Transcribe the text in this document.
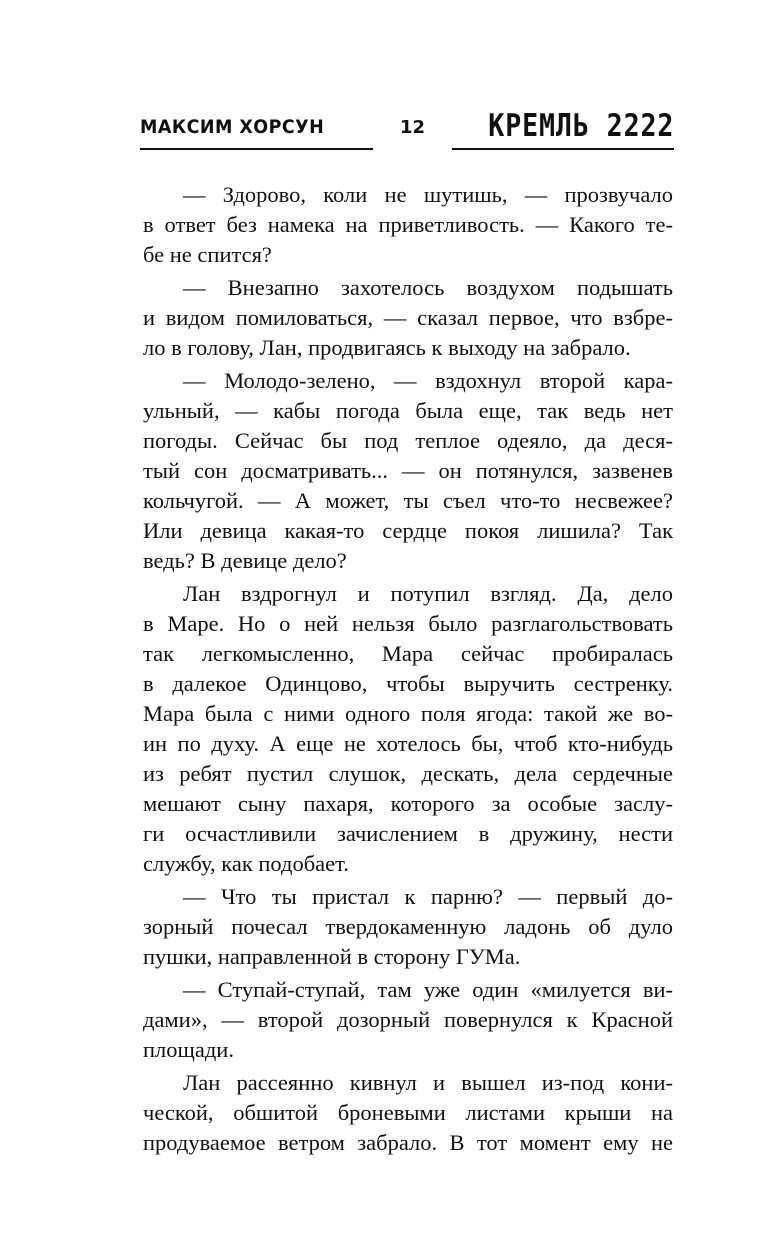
МАКСИМ ХОРСУН	12 КРЕМЛЬ 2222
— Здорово, коли не шутишь, — прозвучало
в ответ без намека на приветливость. — Какого те-
бе не спится?
— Внезапно захотелось воздухом подышать
и видом помиловаться, — сказал первое, что взбре-
ло в голову, Лан, продвигаясь к выходу на забрало.
— Молодо-зелено, — вздохнул второй кара-
ульный, — кабы погода была еще, так ведь нет
погоды. Сейчас бы под теплое одеяло, да деся-
тый сон досматривать... — он потянулся, зазвенев
кольчугой. — А может, ты съел что-то несвежее?
Или девица какая-то сердце покоя лишила? Так
ведь? В девице дело?
Лан вздрогнул и потупил взгляд. Да, дело
в Маре. Но о ней нельзя было разглагольствовать
так легкомысленно, Мара сейчас пробиралась
в далекое Одинцово, чтобы выручить сестренку.
Мара была с ними одного поля ягода: такой же во-
ин по духу. А еще не хотелось бы, чтоб кто-нибудь
из ребят пустил слушок, дескать, дела сердечные
мешают сыну пахаря, которого за особые заслу-
ги осчастливили зачислением в дружину, нести
службу, как подобает.
— Что ты пристал к парню? — первый до-
зорный почесал твердокаменную ладонь об дуло
пушки, направленной в сторону ГУМа.
— Ступай-ступай, там уже один «милуется ви-
дами», — второй дозорный повернулся к Красной
площади.
Лан рассеянно кивнул и вышел из-под кони-
ческой, обшитой броневыми листами крыши на
продуваемое ветром забрало. В тот момент ему не
